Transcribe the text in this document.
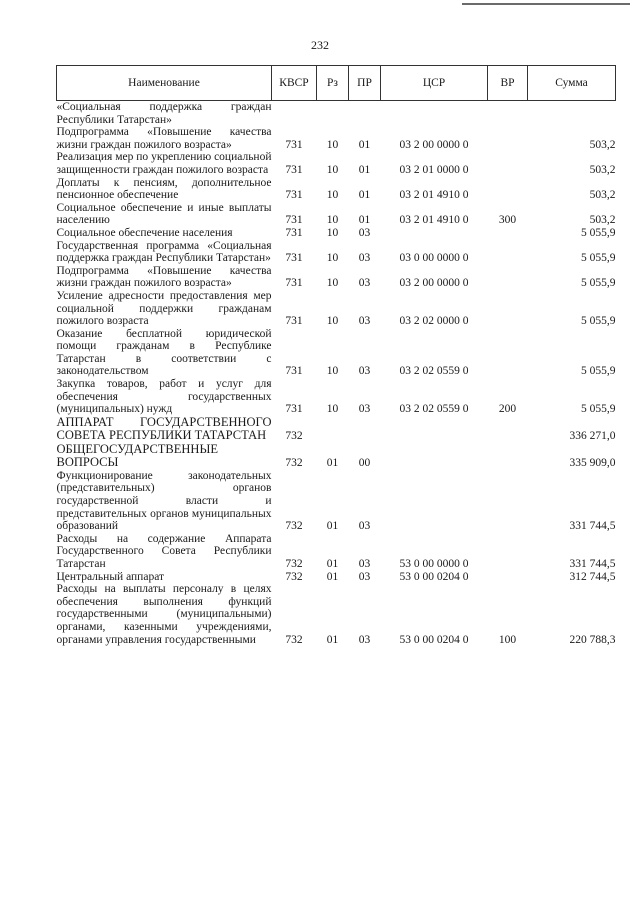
232
Наименование	КВСР	Рз	ПР	ЦСР	ВР	Сумма
«Социальная поддержка граждан Республики Татарстан»						
Подпрограмма «Повышение качества жизни граждан пожилого возраста»	731	10	01	03 2 00 0000 0		503,2
Реализация мер по укреплению социальной защищенности граждан пожилого возраста	731	10	01	03 2 01 0000 0		503,2
Доплаты к пенсиям, дополнительное пенсионное обеспечение	731	10	01	03 2 01 4910 0		503,2
Социальное обеспечение и иные выплаты населению	731	10	01	03 2 01 4910 0	300	503,2
Социальное обеспечение населения	731	10	03			5 055,9
Государственная программа «Социальная поддержка граждан Республики Татарстан»	731	10	03	03 0 00 0000 0		5 055,9
Подпрограмма «Повышение качества жизни граждан пожилого возраста»	731	10	03	03 2 00 0000 0		5 055,9
Усиление адресности предоставления мер социальной поддержки гражданам пожилого возраста	731	10	03	03 2 02 0000 0		5 055,9
Оказание бесплатной юридической помощи гражданам в Республике Татарстан в соответствии с законодательством	731	10	03	03 2 02 0559 0		5 055,9
Закупка товаров, работ и услуг для обеспечения государственных (муниципальных) нужд	731	10	03	03 2 02 0559 0	200	5 055,9
АППАРАТ ГОСУДАРСТВЕННОГО СОВЕТА РЕСПУБЛИКИ ТАТАРСТАН	732					336 271,0
ОБЩЕГОСУДАРСТВЕННЫЕ ВОПРОСЫ	732	01	00			335 909,0
Функционирование законодательных (представительных) органов государственной власти и представительных органов муниципальных образований	732	01	03			331 744,5
Расходы на содержание Аппарата Государственного Совета Республики Татарстан	732	01	03	53 0 00 0000 0		331 744,5
Центральный аппарат	732	01	03	53 0 00 0204 0		312 744,5
Расходы на выплаты персоналу в целях обеспечения выполнения функций государственными (муниципальными) органами, казенными учреждениями, органами управления государственными	732	01	03	53 0 00 0204 0	100	220 788,3
